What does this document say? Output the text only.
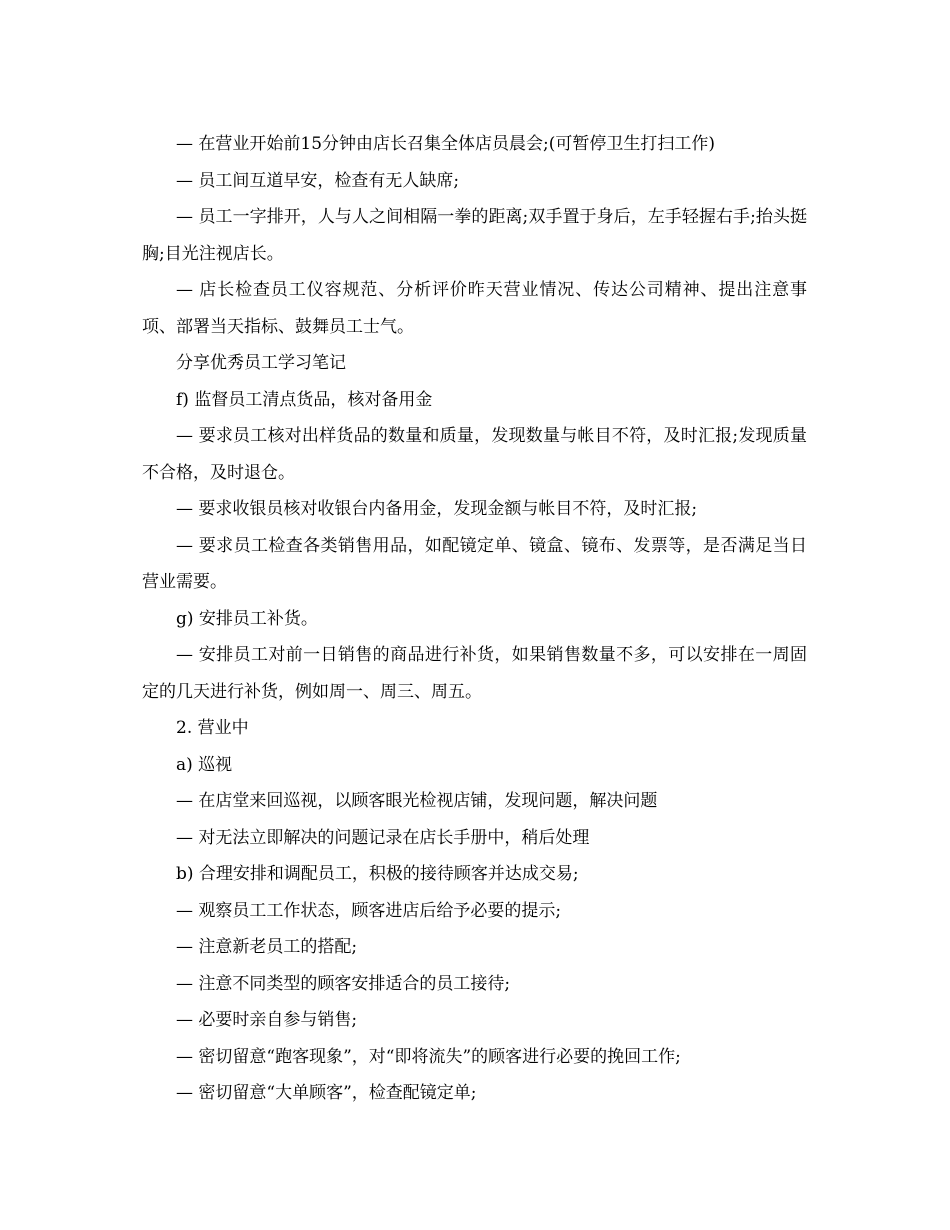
— 在营业开始前15分钟由店长召集全体店员晨会;(可暂停卫生打扫工作)

— 员工间互道早安，检查有无人缺席;

— 员工一字排开，人与人之间相隔一拳的距离;双手置于身后，左手轻握右手;抬头挺胸;目光注视店长。

— 店长检查员工仪容规范、分析评价昨天营业情况、传达公司精神、提出注意事项、部署当天指标、鼓舞员工士气。

分享优秀员工学习笔记

f) 监督员工清点货品，核对备用金

— 要求员工核对出样货品的数量和质量，发现数量与帐目不符，及时汇报;发现质量不合格，及时退仓。

— 要求收银员核对收银台内备用金，发现金额与帐目不符，及时汇报;

— 要求员工检查各类销售用品，如配镜定单、镜盒、镜布、发票等，是否满足当日营业需要。

g) 安排员工补货。

— 安排员工对前一日销售的商品进行补货，如果销售数量不多，可以安排在一周固定的几天进行补货，例如周一、周三、周五。

2. 营业中

a) 巡视

— 在店堂来回巡视，以顾客眼光检视店铺，发现问题，解决问题

— 对无法立即解决的问题记录在店长手册中，稍后处理

b) 合理安排和调配员工，积极的接待顾客并达成交易;

— 观察员工工作状态，顾客进店后给予必要的提示;

— 注意新老员工的搭配;

— 注意不同类型的顾客安排适合的员工接待;

— 必要时亲自参与销售;

— 密切留意“跑客现象”，对“即将流失”的顾客进行必要的挽回工作;

— 密切留意“大单顾客”，检查配镜定单;
